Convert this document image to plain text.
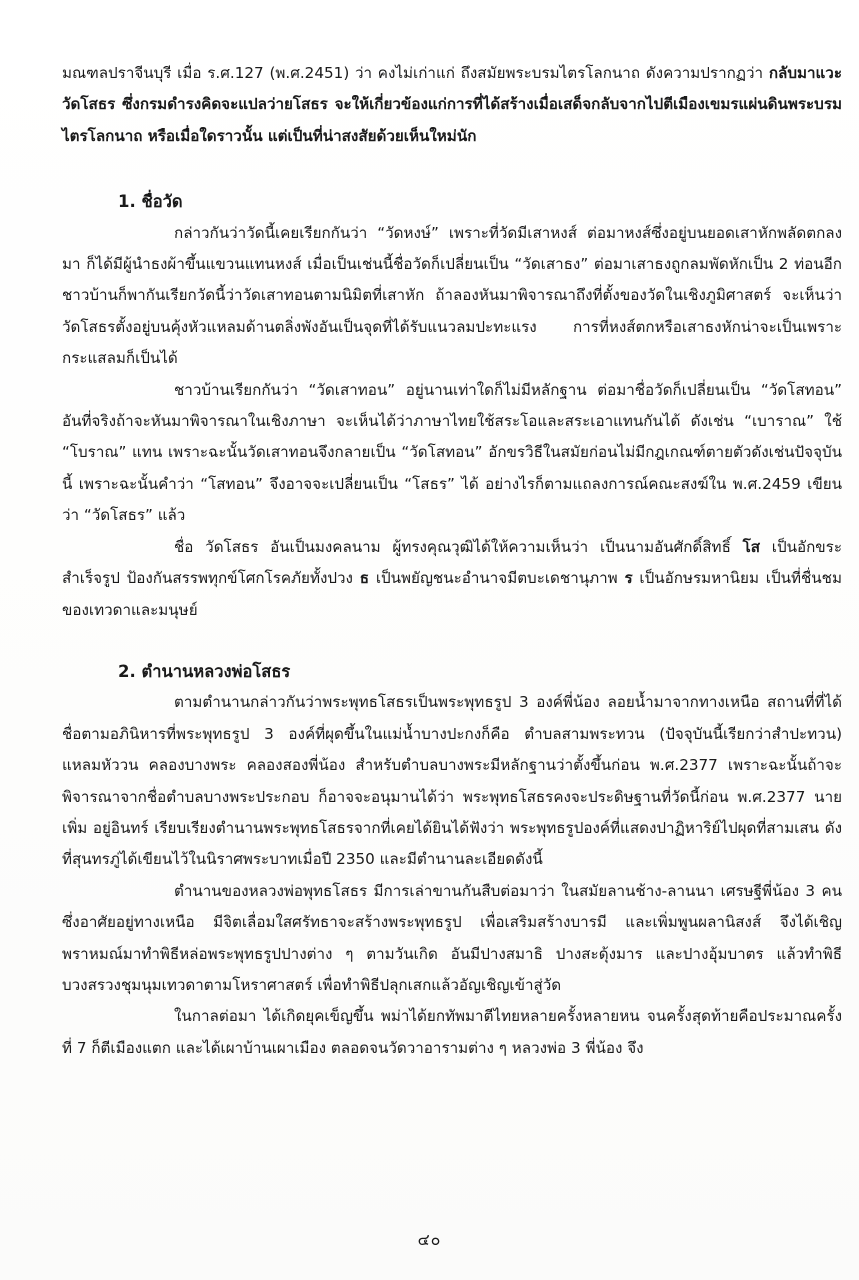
มณฑลปราจีนบุรี เมื่อ ร.ศ.127 (พ.ศ.2451) ว่า คงไม่เก่าแก่ ถึงสมัยพระบรมไตรโลกนาถ ดังความปรากฏว่า กลับมาแวะวัดโสธร ซึ่งกรมดำรงคิดจะแปลว่ายโสธร จะให้เกี่ยวข้องแก่การที่ได้สร้างเมื่อเสด็จกลับจากไปตีเมืองเขมรแผ่นดินพระบรมไตรโลกนาถ หรือเมื่อใดราวนั้น แต่เป็นที่น่าสงสัยด้วยเห็นใหม่นัก

1. ชื่อวัด

กล่าวกันว่าวัดนี้เคยเรียกกันว่า “วัดหงษ์” เพราะที่วัดมีเสาหงส์ ต่อมาหงส์ซึ่งอยู่บนยอดเสาหักพลัดตกลงมา ก็ได้มีผู้นำธงผ้าขึ้นแขวนแทนหงส์ เมื่อเป็นเช่นนี้ชื่อวัดก็เปลี่ยนเป็น “วัดเสาธง” ต่อมาเสาธงถูกลมพัดหักเป็น 2 ท่อนอีก ชาวบ้านก็พากันเรียกวัดนี้ว่าวัดเสาทอนตามนิมิตที่เสาหัก ถ้าลองหันมาพิจารณาถึงที่ตั้งของวัดในเชิงภูมิศาสตร์ จะเห็นว่าวัดโสธรตั้งอยู่บนคุ้งหัวแหลมด้านตลิ่งพังอันเป็นจุดที่ได้รับแนวลมปะทะแรง การที่หงส์ตกหรือเสาธงหักน่าจะเป็นเพราะกระแสลมก็เป็นได้

ชาวบ้านเรียกกันว่า “วัดเสาทอน” อยู่นานเท่าใดก็ไม่มีหลักฐาน ต่อมาชื่อวัดก็เปลี่ยนเป็น “วัดโสทอน” อันที่จริงถ้าจะหันมาพิจารณาในเชิงภาษา จะเห็นได้ว่าภาษาไทยใช้สระโอและสระเอาแทนกันได้ ดังเช่น “เบาราณ” ใช้ “โบราณ” แทน เพราะฉะนั้นวัดเสาทอนจึงกลายเป็น “วัดโสทอน” อักขรวิธีในสมัยก่อนไม่มีกฎเกณฑ์ตายตัวดังเช่นปัจจุบันนี้ เพราะฉะนั้นคำว่า “โสทอน” จึงอาจจะเปลี่ยนเป็น “โสธร” ได้ อย่างไรก็ตามแถลงการณ์คณะสงฆ์ใน พ.ศ.2459 เขียนว่า “วัดโสธร” แล้ว

ชื่อ วัดโสธร อันเป็นมงคลนาม ผู้ทรงคุณวุฒิได้ให้ความเห็นว่า เป็นนามอันศักดิ์สิทธิ์ โส เป็นอักขระสำเร็จรูป ป้องกันสรรพทุกข์โศกโรคภัยทั้งปวง ธ เป็นพยัญชนะอำนาจมีตบะเดชานุภาพ ร เป็นอักษรมหานิยม เป็นที่ชื่นชมของเทวดาและมนุษย์

2. ตำนานหลวงพ่อโสธร

ตามตำนานกล่าวกันว่าพระพุทธโสธรเป็นพระพุทธรูป 3 องค์พี่น้อง ลอยน้ำมาจากทางเหนือ สถานที่ที่ได้ชื่อตามอภินิหารที่พระพุทธรูป 3 องค์ที่ผุดขึ้นในแม่น้ำบางปะกงก็คือ ตำบลสามพระทวน (ปัจจุบันนี้เรียกว่าสำปะทวน) แหลมหัววน คลองบางพระ คลองสองพี่น้อง สำหรับตำบลบางพระมีหลักฐานว่าตั้งขึ้นก่อน พ.ศ.2377 เพราะฉะนั้นถ้าจะพิจารณาจากชื่อตำบลบางพระประกอบ ก็อาจจะอนุมานได้ว่า พระพุทธโสธรคงจะประดิษฐานที่วัดนี้ก่อน พ.ศ.2377 นายเพิ่ม อยู่อินทร์ เรียบเรียงตำนานพระพุทธโสธรจากที่เคยได้ยินได้ฟังว่า พระพุทธรูปองค์ที่แสดงปาฏิหาริย์ไปผุดที่สามเสน ดังที่สุนทรภู่ได้เขียนไว้ในนิราศพระบาทเมื่อปี 2350 และมีตำนานละเอียดดังนี้

ตำนานของหลวงพ่อพุทธโสธร มีการเล่าขานกันสืบต่อมาว่า ในสมัยลานช้าง-ลานนา เศรษฐีพี่น้อง 3 คน ซึ่งอาศัยอยู่ทางเหนือ มีจิตเลื่อมใสศรัทธาจะสร้างพระพุทธรูป เพื่อเสริมสร้างบารมี และเพิ่มพูนผลานิสงส์ จึงได้เชิญพราหมณ์มาทำพิธีหล่อพระพุทธรูปปางต่าง ๆ ตามวันเกิด อันมีปางสมาธิ ปางสะดุ้งมาร และปางอุ้มบาตร แล้วทำพิธีบวงสรวงชุมนุมเทวดาตามโหราศาสตร์ เพื่อทำพิธีปลุกเสกแล้วอัญเชิญเข้าสู่วัด

ในกาลต่อมา ได้เกิดยุคเข็ญขึ้น พม่าได้ยกทัพมาตีไทยหลายครั้งหลายหน จนครั้งสุดท้ายคือประมาณครั้งที่ 7 ก็ตีเมืองแตก และได้เผาบ้านเผาเมือง ตลอดจนวัดวาอารามต่าง ๆ หลวงพ่อ 3 พี่น้อง จึง

๔๐
